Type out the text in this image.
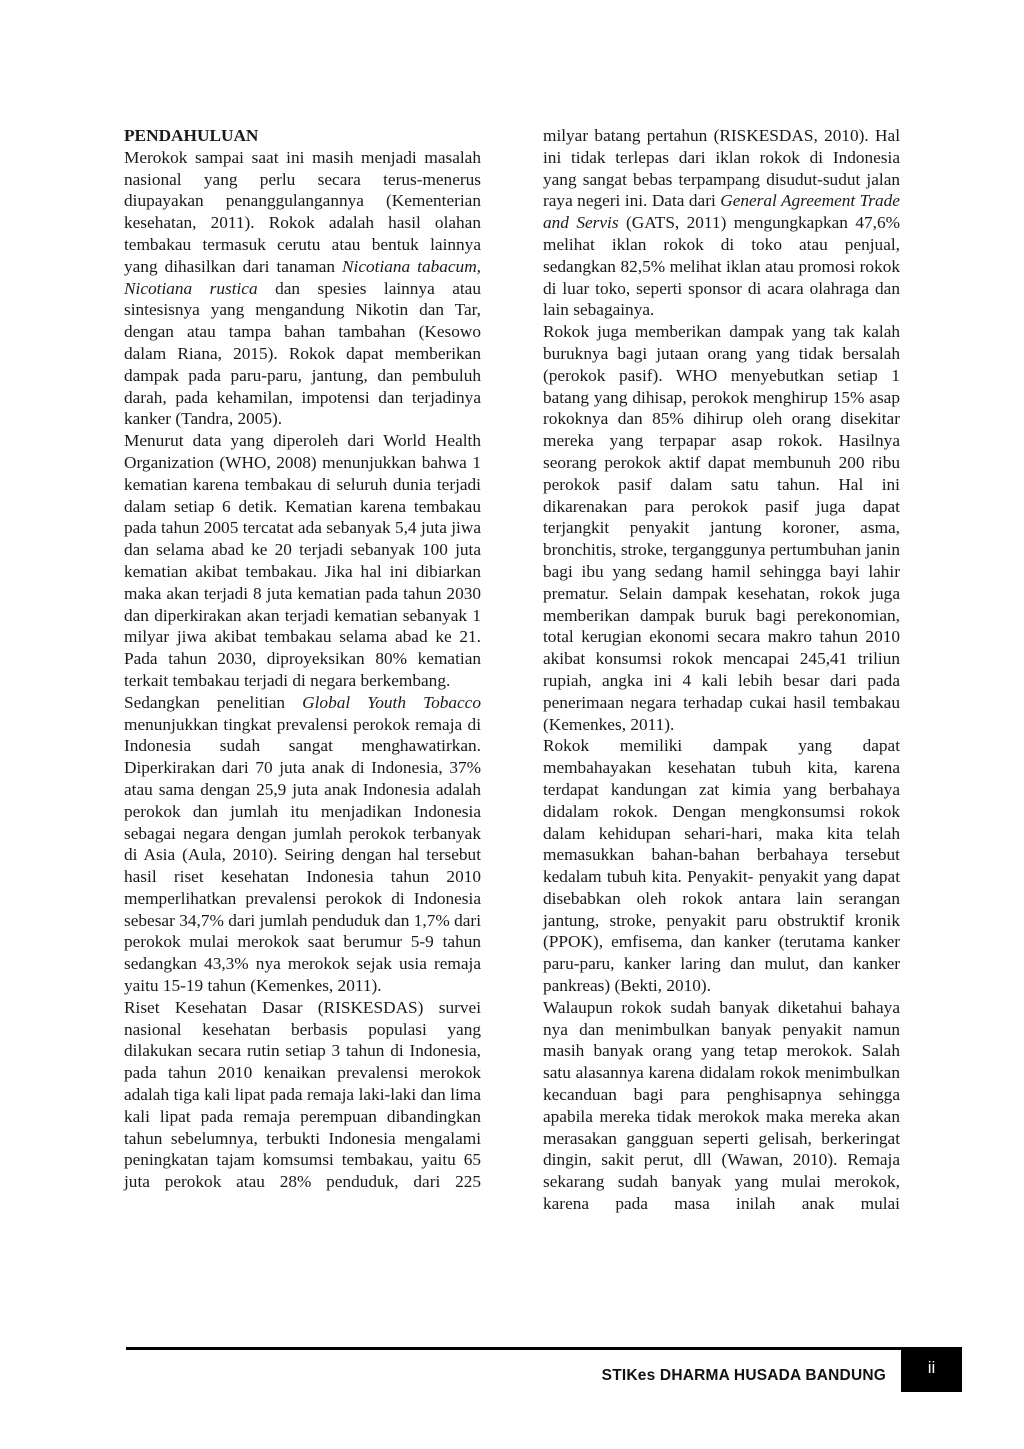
PENDAHULUAN

Merokok sampai saat ini masih menjadi masalah nasional yang perlu secara terus-menerus diupayakan penanggulangannya (Kementerian kesehatan, 2011). Rokok adalah hasil olahan tembakau termasuk cerutu atau bentuk lainnya yang dihasilkan dari tanaman Nicotiana tabacum, Nicotiana rustica dan spesies lainnya atau sintesisnya yang mengandung Nikotin dan Tar, dengan atau tampa bahan tambahan (Kesowo dalam Riana, 2015). Rokok dapat memberikan dampak pada paru-paru, jantung, dan pembuluh darah, pada kehamilan, impotensi dan terjadinya kanker (Tandra, 2005).

Menurut data yang diperoleh dari World Health Organization (WHO, 2008) menunjukkan bahwa 1 kematian karena tembakau di seluruh dunia terjadi dalam setiap 6 detik. Kematian karena tembakau pada tahun 2005 tercatat ada sebanyak 5,4 juta jiwa dan selama abad ke 20 terjadi sebanyak 100 juta kematian akibat tembakau. Jika hal ini dibiarkan maka akan terjadi 8 juta kematian pada tahun 2030 dan diperkirakan akan terjadi kematian sebanyak 1 milyar jiwa akibat tembakau selama abad ke 21. Pada tahun 2030, diproyeksikan 80% kematian terkait tembakau terjadi di negara berkembang.

Sedangkan penelitian Global Youth Tobacco menunjukkan tingkat prevalensi perokok remaja di Indonesia sudah sangat menghawatirkan. Diperkirakan dari 70 juta anak di Indonesia, 37% atau sama dengan 25,9 juta anak Indonesia adalah perokok dan jumlah itu menjadikan Indonesia sebagai negara dengan jumlah perokok terbanyak di Asia (Aula, 2010). Seiring dengan hal tersebut hasil riset kesehatan Indonesia tahun 2010 memperlihatkan prevalensi perokok di Indonesia sebesar 34,7% dari jumlah penduduk dan 1,7% dari perokok mulai merokok saat berumur 5-9 tahun sedangkan 43,3% nya merokok sejak usia remaja yaitu 15-19 tahun (Kemenkes, 2011).

Riset Kesehatan Dasar (RISKESDAS) survei nasional kesehatan berbasis populasi yang dilakukan secara rutin setiap 3 tahun di Indonesia, pada tahun 2010 kenaikan prevalensi merokok adalah tiga kali lipat pada remaja laki-laki dan lima kali lipat pada remaja perempuan dibandingkan tahun sebelumnya, terbukti Indonesia mengalami peningkatan tajam komsumsi tembakau, yaitu 65 juta perokok atau 28% penduduk, dari 225

milyar batang pertahun (RISKESDAS, 2010). Hal ini tidak terlepas dari iklan rokok di Indonesia yang sangat bebas terpampang disudut-sudut jalan raya negeri ini. Data dari General Agreement Trade and Servis (GATS, 2011) mengungkapkan 47,6% melihat iklan rokok di toko atau penjual, sedangkan 82,5% melihat iklan atau promosi rokok di luar toko, seperti sponsor di acara olahraga dan lain sebagainya.

Rokok juga memberikan dampak yang tak kalah buruknya bagi jutaan orang yang tidak bersalah (perokok pasif). WHO menyebutkan setiap 1 batang yang dihisap, perokok menghirup 15% asap rokoknya dan 85% dihirup oleh orang disekitar mereka yang terpapar asap rokok. Hasilnya seorang perokok aktif dapat membunuh 200 ribu perokok pasif dalam satu tahun. Hal ini dikarenakan para perokok pasif juga dapat terjangkit penyakit jantung koroner, asma, bronchitis, stroke, terganggunya pertumbuhan janin bagi ibu yang sedang hamil sehingga bayi lahir prematur. Selain dampak kesehatan, rokok juga memberikan dampak buruk bagi perekonomian, total kerugian ekonomi secara makro tahun 2010 akibat konsumsi rokok mencapai 245,41 triliun rupiah, angka ini 4 kali lebih besar dari pada penerimaan negara terhadap cukai hasil tembakau (Kemenkes, 2011).

Rokok memiliki dampak yang dapat membahayakan kesehatan tubuh kita, karena terdapat kandungan zat kimia yang berbahaya didalam rokok. Dengan mengkonsumsi rokok dalam kehidupan sehari-hari, maka kita telah memasukkan bahan-bahan berbahaya tersebut kedalam tubuh kita. Penyakit- penyakit yang dapat disebabkan oleh rokok antara lain serangan jantung, stroke, penyakit paru obstruktif kronik (PPOK), emfisema, dan kanker (terutama kanker paru-paru, kanker laring dan mulut, dan kanker pankreas) (Bekti, 2010).

Walaupun rokok sudah banyak diketahui bahaya nya dan menimbulkan banyak penyakit namun masih banyak orang yang tetap merokok. Salah satu alasannya karena didalam rokok menimbulkan kecanduan bagi para penghisapnya sehingga apabila mereka tidak merokok maka mereka akan merasakan gangguan seperti gelisah, berkeringat dingin, sakit perut, dll (Wawan, 2010). Remaja sekarang sudah banyak yang mulai merokok, karena pada masa inilah anak mulai

STIKes DHARMA HUSADA BANDUNG	ii
